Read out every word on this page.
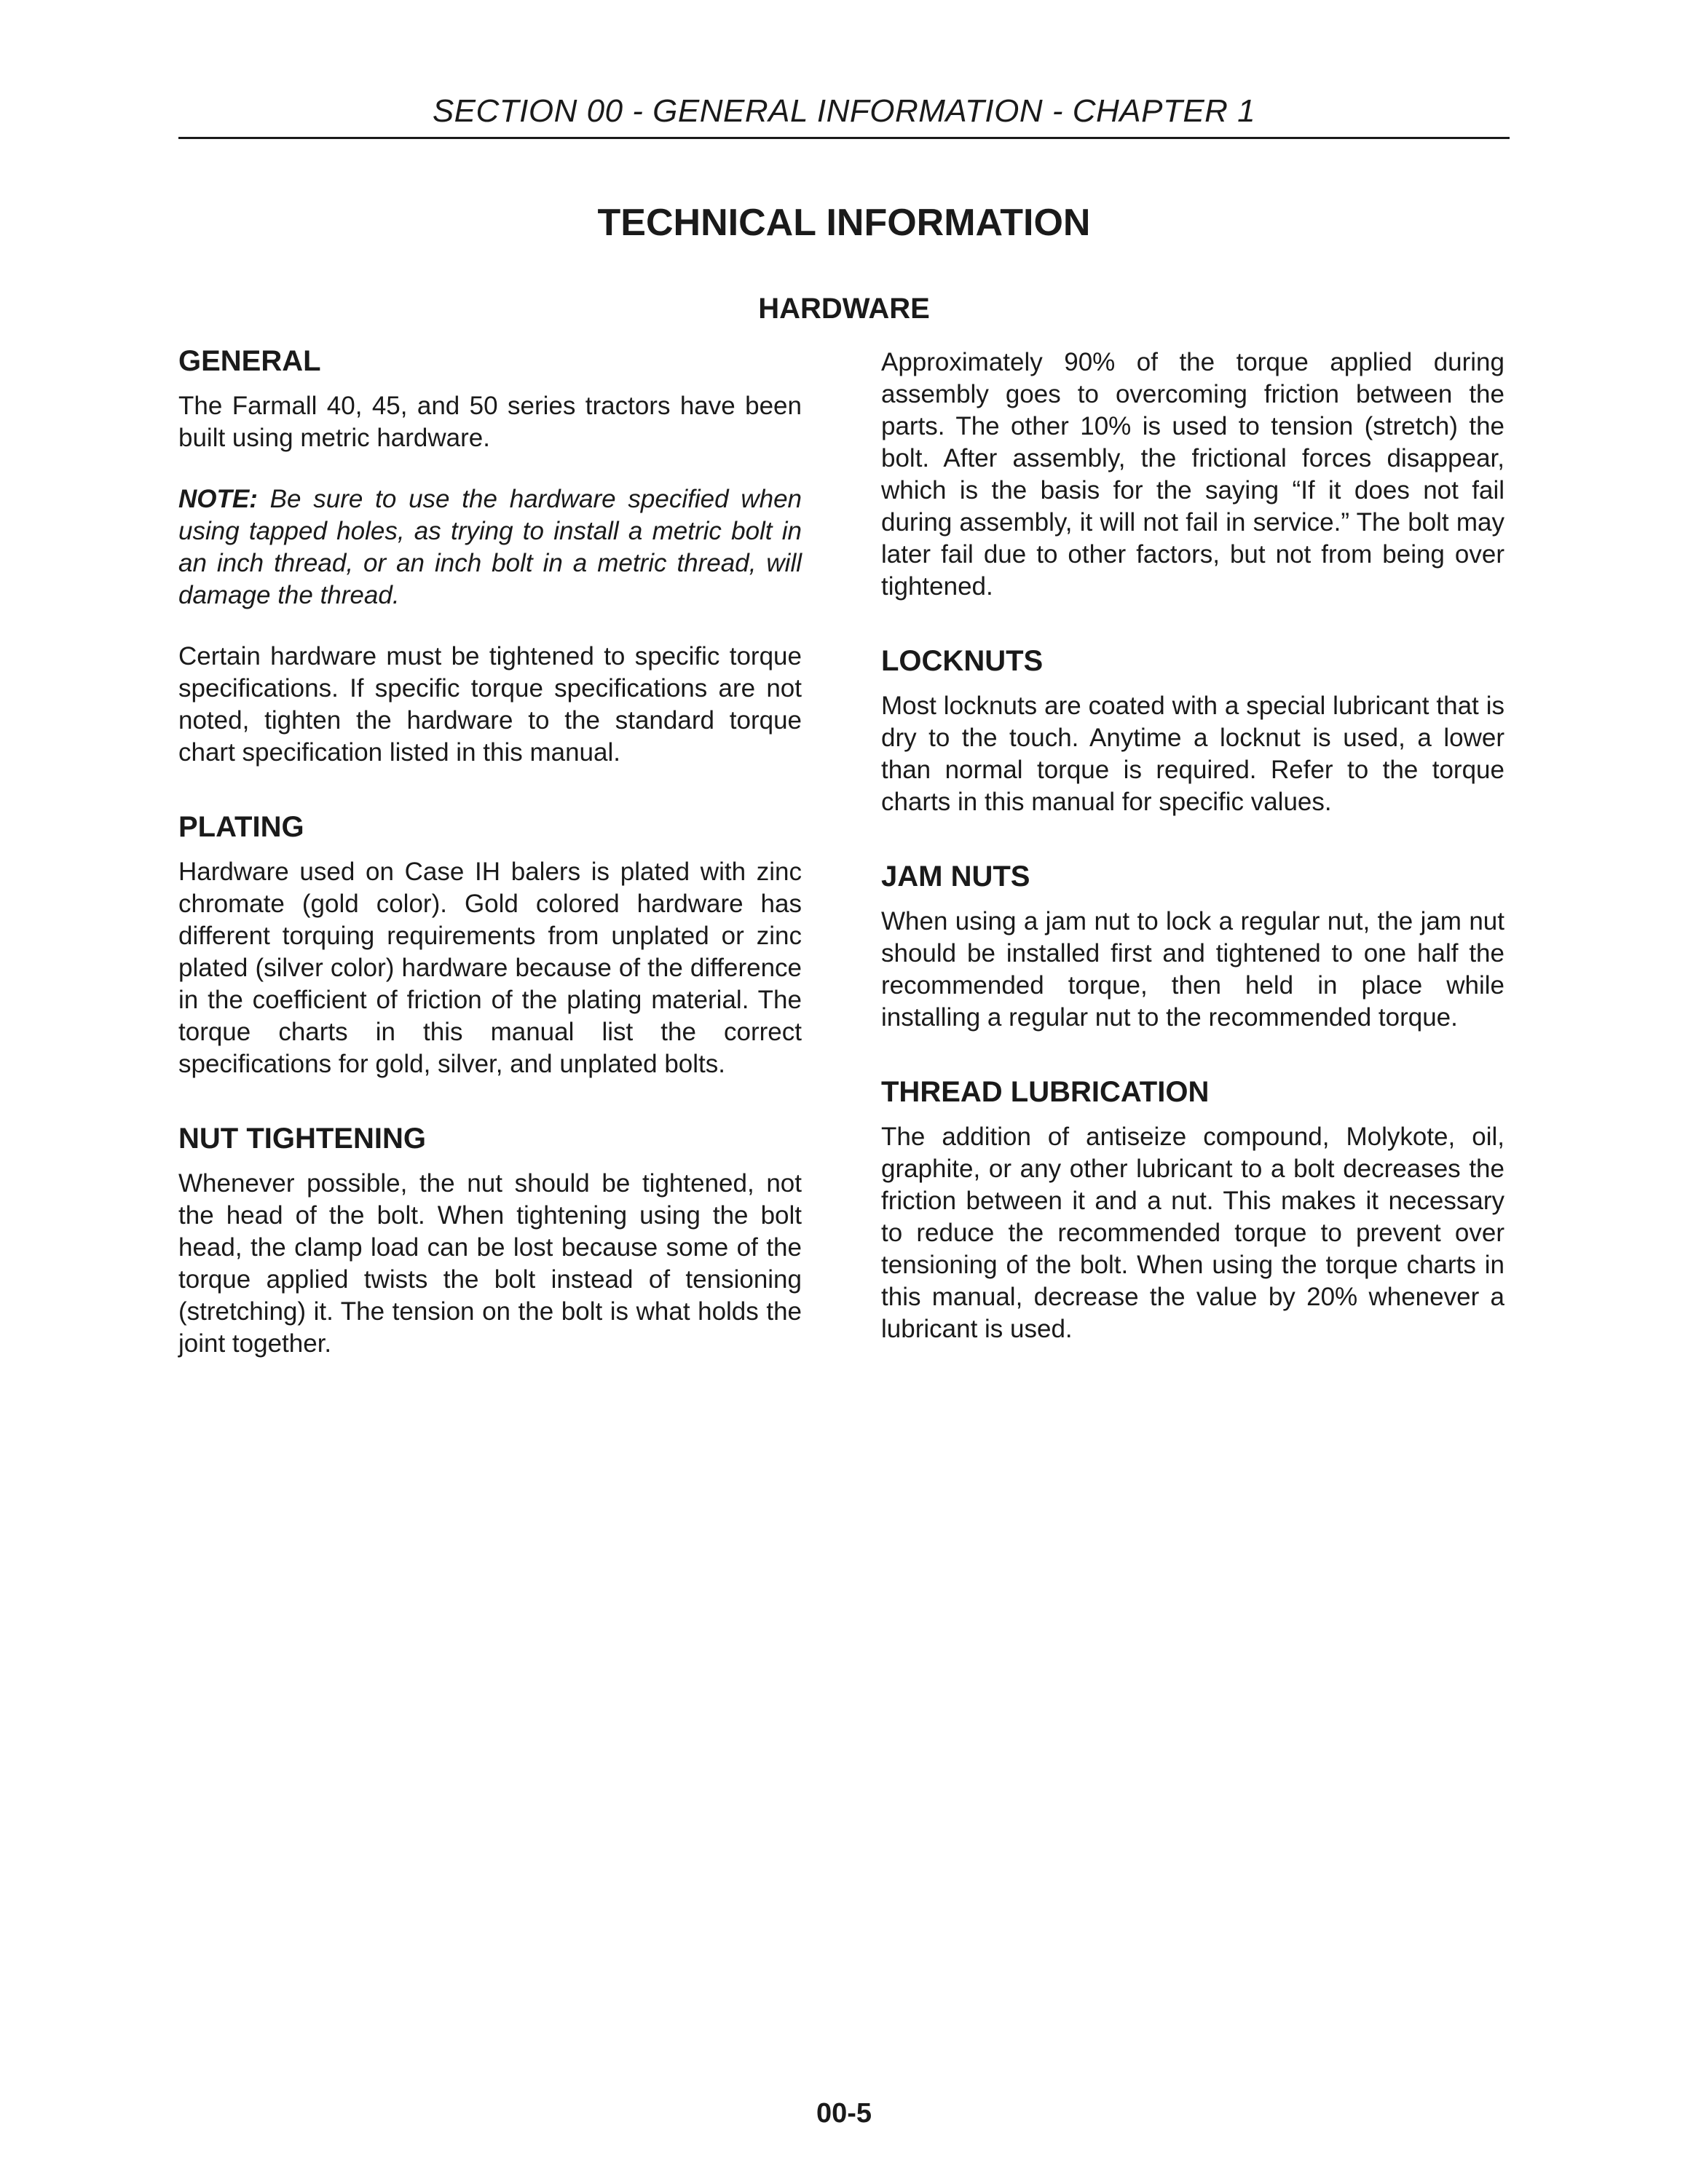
SECTION 00 - GENERAL INFORMATION - CHAPTER 1
TECHNICAL INFORMATION
HARDWARE
GENERAL

The Farmall 40, 45, and 50 series tractors have been built using metric hardware.

NOTE: Be sure to use the hardware specified when using tapped holes, as trying to install a metric bolt in an inch thread, or an inch bolt in a metric thread, will damage the thread.

Certain hardware must be tightened to specific torque specifications. If specific torque specifications are not noted, tighten the hardware to the standard torque chart specification listed in this manual.

PLATING

Hardware used on Case IH balers is plated with zinc chromate (gold color). Gold colored hardware has different torquing requirements from unplated or zinc plated (silver color) hardware because of the difference in the coefficient of friction of the plating material. The torque charts in this manual list the correct specifications for gold, silver, and unplated bolts.

NUT TIGHTENING

Whenever possible, the nut should be tightened, not the head of the bolt. When tightening using the bolt head, the clamp load can be lost because some of the torque applied twists the bolt instead of tensioning (stretching) it. The tension on the bolt is what holds the joint together.

Approximately 90% of the torque applied during assembly goes to overcoming friction between the parts. The other 10% is used to tension (stretch) the bolt. After assembly, the frictional forces disappear, which is the basis for the saying “If it does not fail during assembly, it will not fail in service.” The bolt may later fail due to other factors, but not from being over tightened.

LOCKNUTS

Most locknuts are coated with a special lubricant that is dry to the touch. Anytime a locknut is used, a lower than normal torque is required. Refer to the torque charts in this manual for specific values.

JAM NUTS

When using a jam nut to lock a regular nut, the jam nut should be installed first and tightened to one half the recommended torque, then held in place while installing a regular nut to the recommended torque.

THREAD LUBRICATION

The addition of antiseize compound, Molykote, oil, graphite, or any other lubricant to a bolt decreases the friction between it and a nut. This makes it necessary to reduce the recommended torque to prevent over tensioning of the bolt. When using the torque charts in this manual, decrease the value by 20% whenever a lubricant is used.

00-5
